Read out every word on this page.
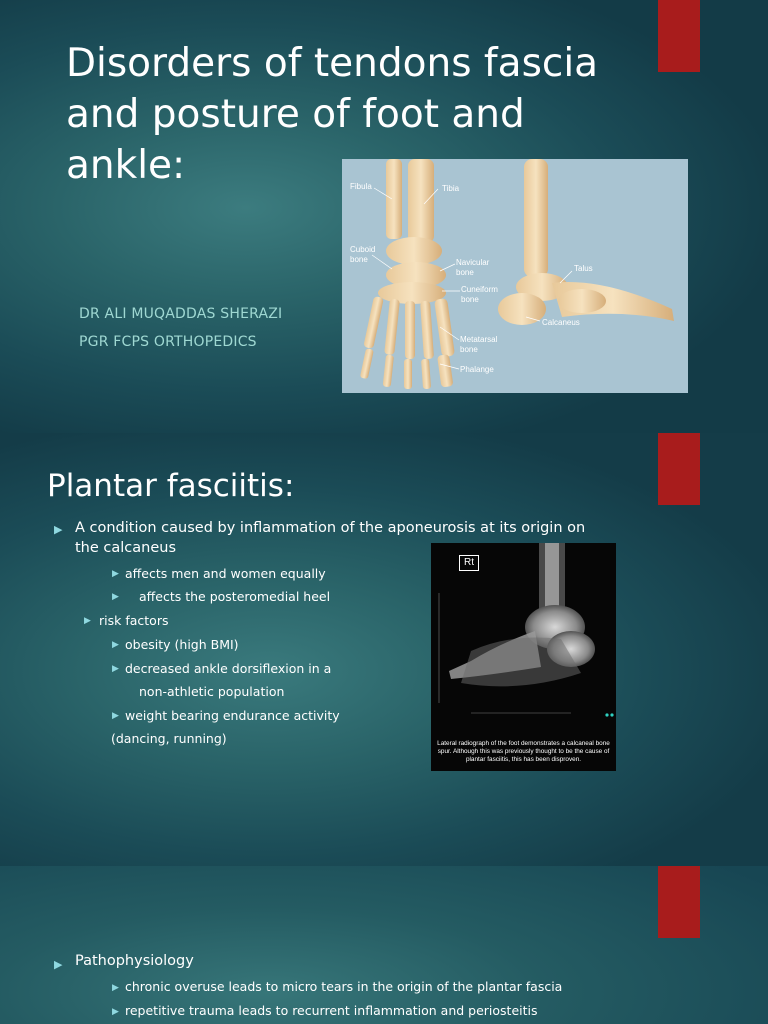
Disorders of tendons fascia and posture of foot and ankle:
DR ALI MUQADDAS SHERAZI
PGR FCPS ORTHOPEDICS
Fibula	Tibia
Cuboid
bone	Navicular
bone
Cuneiform
bone
Metatarsal
bone
Phalange
Talus
Calcaneus
Plantar fasciitis:
▶ A condition caused by inflammation of the aponeurosis at its origin on
the calcaneus
▶ affects men and women equally
▶ affects the posteromedial heel
▶ risk factors
▶ obesity (high BMI)
▶ decreased ankle dorsiflexion in a
non-athletic population
▶ weight bearing endurance activity
(dancing, running)
Rt
Lateral radiograph of the foot demonstrates a calcaneal bone spur. Although this was previously thought to be the cause of plantar fasciitis, this has been disproven.
▶ Pathophysiology
▶ chronic overuse leads to micro tears in the origin of the plantar fascia
▶ repetitive trauma leads to recurrent inflammation and periosteitis
